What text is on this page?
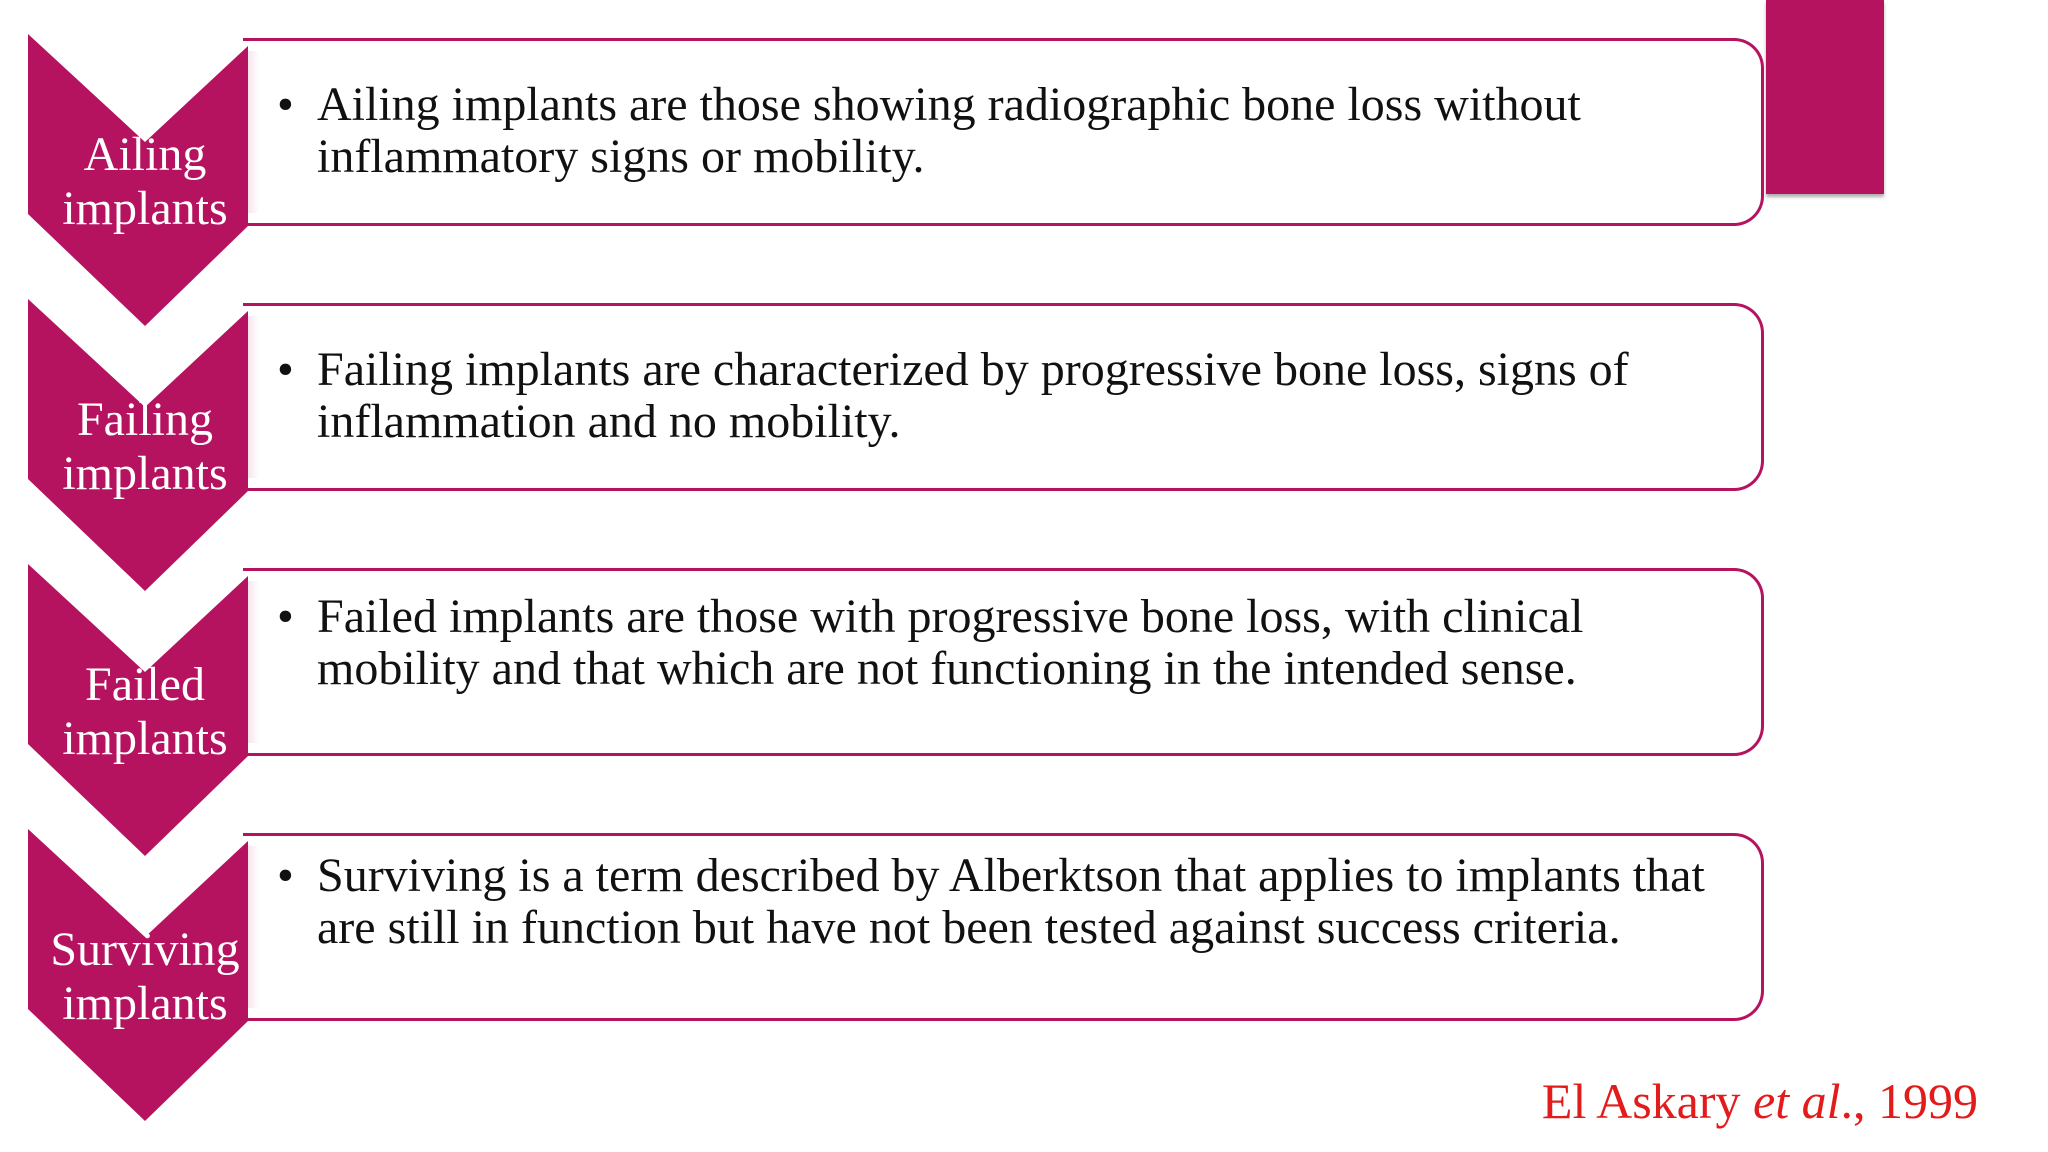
• Ailing implants are those showing radiographic bone loss without inflammatory signs or mobility.
• Failing implants are characterized by progressive bone loss, signs of inflammation and no mobility.
• Failed implants are those with progressive bone loss, with clinical mobility and that which are not functioning in the intended sense.
• Surviving is a term described by Alberktson that applies to implants that are still in function but have not been tested against success criteria.
Ailing
implants
Failing
implants
Failed
implants
Surviving
implants
El Askary et al., 1999
